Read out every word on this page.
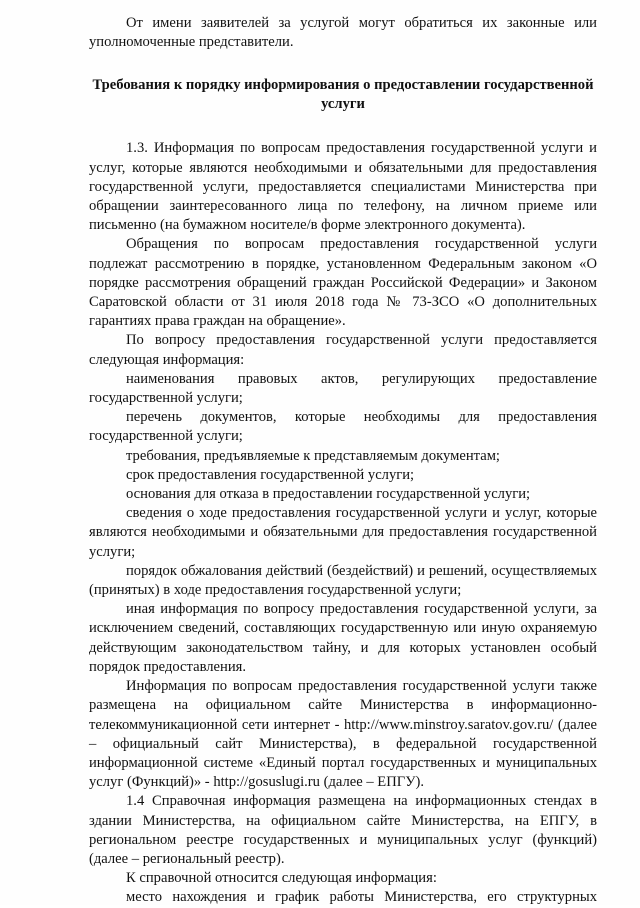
От имени заявителей за услугой могут обратиться их законные или уполномоченные представители.

Требования к порядку информирования о предоставлении государственной услуги

1.3. Информация по вопросам предоставления государственной услуги и услуг, которые являются необходимыми и обязательными для предоставления государственной услуги, предоставляется специалистами Министерства при обращении заинтересованного лица по телефону, на личном приеме или письменно (на бумажном носителе/в форме электронного документа).

Обращения по вопросам предоставления государственной услуги подлежат рассмотрению в порядке, установленном Федеральным законом «О порядке рассмотрения обращений граждан Российской Федерации» и Законом Саратовской области от 31 июля 2018 года № 73-ЗСО «О дополнительных гарантиях права граждан на обращение».

По вопросу предоставления государственной услуги предоставляется следующая информация:

наименования правовых актов, регулирующих предоставление государственной услуги;

перечень документов, которые необходимы для предоставления государственной услуги;

требования, предъявляемые к представляемым документам;

срок предоставления государственной услуги;

основания для отказа в предоставлении государственной услуги;

сведения о ходе предоставления государственной услуги и услуг, которые являются необходимыми и обязательными для предоставления государственной услуги;

порядок обжалования действий (бездействий) и решений, осуществляемых (принятых) в ходе предоставления государственной услуги;

иная информация по вопросу предоставления государственной услуги, за исключением сведений, составляющих государственную или иную охраняемую действующим законодательством тайну, и для которых установлен особый порядок предоставления.

Информация по вопросам предоставления государственной услуги также размещена на официальном сайте Министерства в информационно-телекоммуникационной сети интернет - http://www.minstroy.saratov.gov.ru/ (далее – официальный сайт Министерства), в федеральной государственной информационной системе «Единый портал государственных и муниципальных услуг (Функций)» - http://gosuslugi.ru (далее – ЕПГУ).

1.4 Справочная информация размещена на информационных стендах в здании Министерства, на официальном сайте Министерства, на ЕПГУ, в региональном реестре государственных и муниципальных услуг (функций) (далее – региональный реестр).

К справочной относится следующая информация:

место нахождения и график работы Министерства, его структурных
